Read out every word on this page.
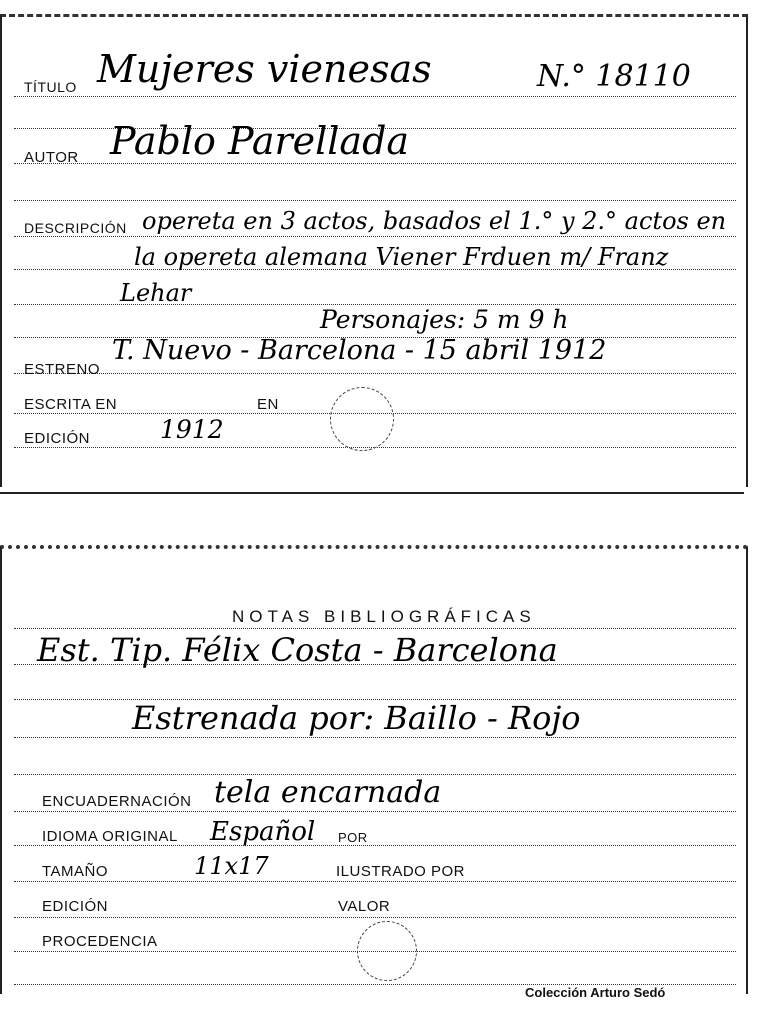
TÍTULO Mujeres vienesas	N.° 18110
AUTOR Pablo Parellada
DESCRIPCIÓN opereta en 3 actos, basados el 1.° y 2.° actos en
la opereta alemana Viener Frduen m/ Franz
Lehar
Personajes: 5 m 9 h
ESTRENO
T. Nuevo - Barcelona - 15 abril 1912
ESCRITA EN	EN
EDICIÓN	1912
NOTAS BIBLIOGRÁFICAS
Est. Tip. Félix Costa - Barcelona
Estrenada por: Baillo - Rojo
ENCUADERNACIÓN tela encarnada
IDIOMA ORIGINAL Español POR
TAMAÑO	11x17	ILUSTRADO POR
EDICIÓN	VALOR
PROCEDENCIA
Colección Arturo Sedó
